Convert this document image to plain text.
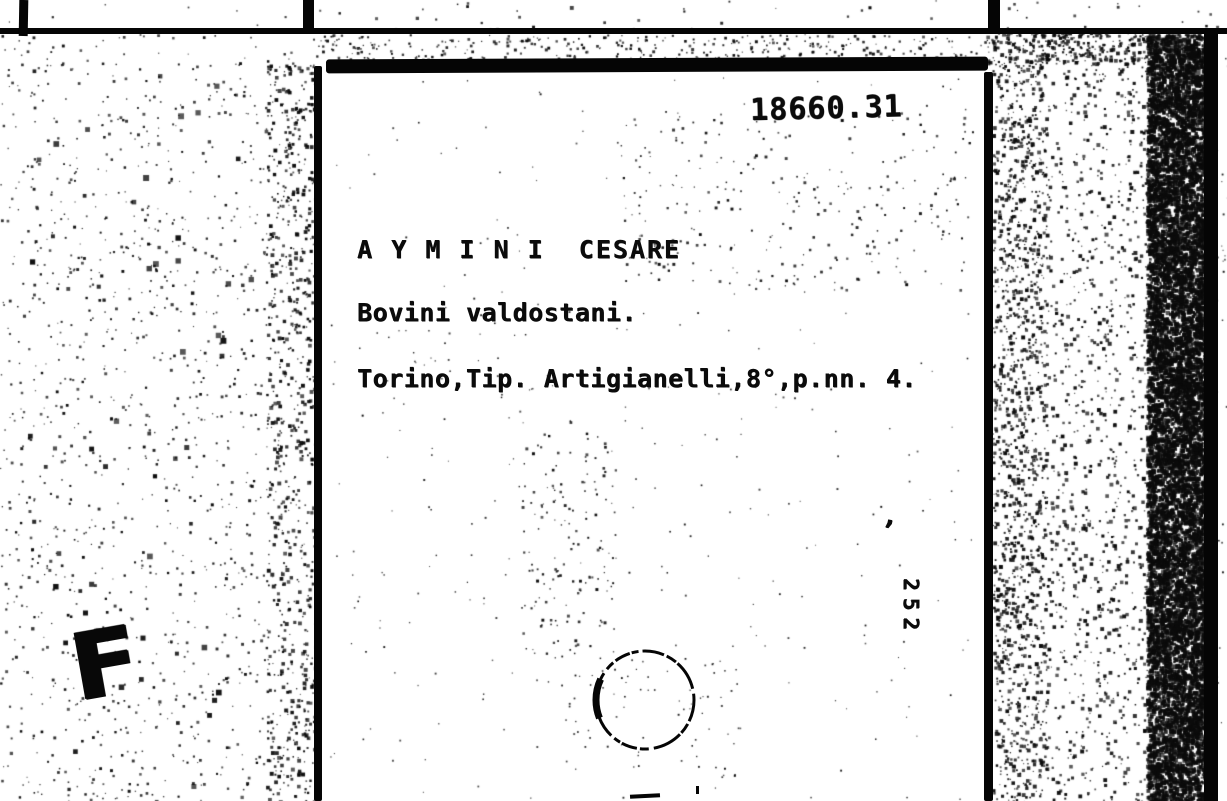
18660.31
A Y M I N I  CESARE
Bovini valdostani.
Torino,Tip. Artigianelli,8°,p.nn. 4.
252
’
F
